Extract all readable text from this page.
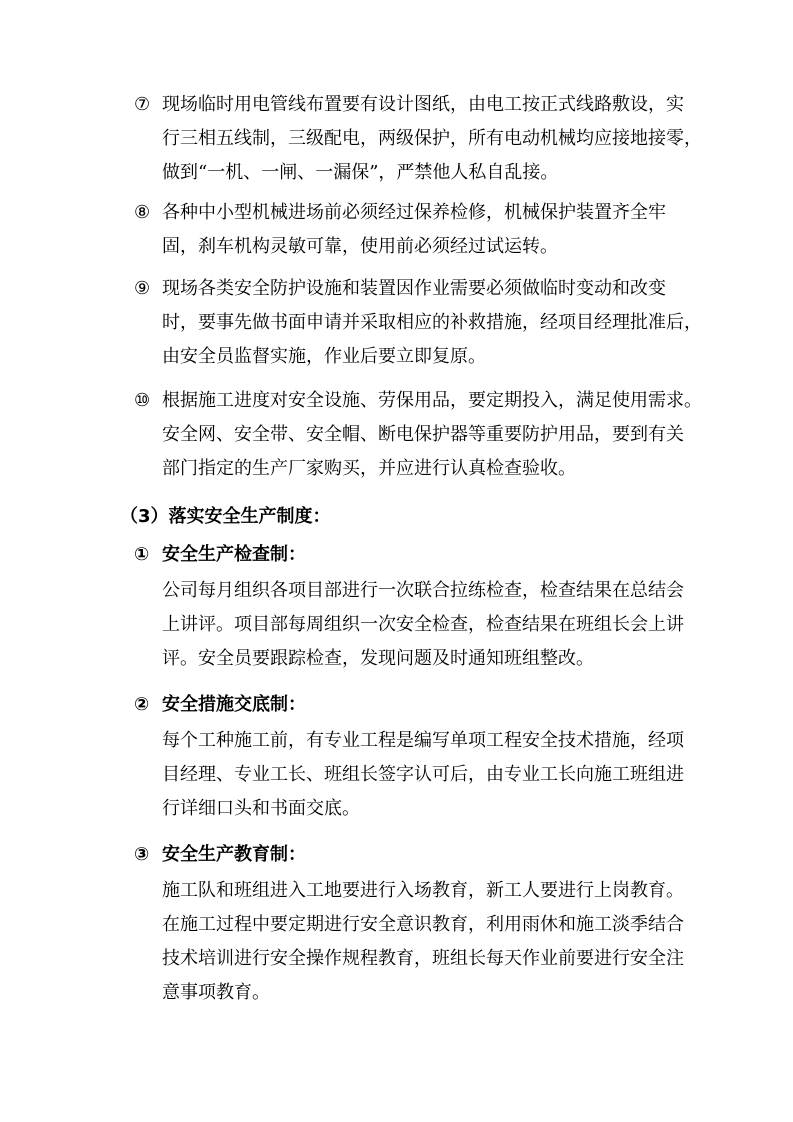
⑦ 现场临时用电管线布置要有设计图纸，由电工按正式线路敷设，实
行三相五线制，三级配电，两级保护，所有电动机械均应接地接零，
做到“一机、一闸、一漏保”，严禁他人私自乱接。
⑧ 各种中小型机械进场前必须经过保养检修，机械保护装置齐全牢
固，刹车机构灵敏可靠，使用前必须经过试运转。
⑨ 现场各类安全防护设施和装置因作业需要必须做临时变动和改变
时，要事先做书面申请并采取相应的补救措施，经项目经理批准后，
由安全员监督实施，作业后要立即复原。
⑩ 根据施工进度对安全设施、劳保用品，要定期投入，满足使用需求。
安全网、安全带、安全帽、断电保护器等重要防护用品，要到有关
部门指定的生产厂家购买，并应进行认真检查验收。
（3）落实安全生产制度：
① 安全生产检查制：
公司每月组织各项目部进行一次联合拉练检查，检查结果在总结会
上讲评。项目部每周组织一次安全检查，检查结果在班组长会上讲
评。安全员要跟踪检查，发现问题及时通知班组整改。
② 安全措施交底制：
每个工种施工前，有专业工程是编写单项工程安全技术措施，经项
目经理、专业工长、班组长签字认可后，由专业工长向施工班组进
行详细口头和书面交底。
③ 安全生产教育制：
施工队和班组进入工地要进行入场教育，新工人要进行上岗教育。
在施工过程中要定期进行安全意识教育，利用雨休和施工淡季结合
技术培训进行安全操作规程教育，班组长每天作业前要进行安全注
意事项教育。
